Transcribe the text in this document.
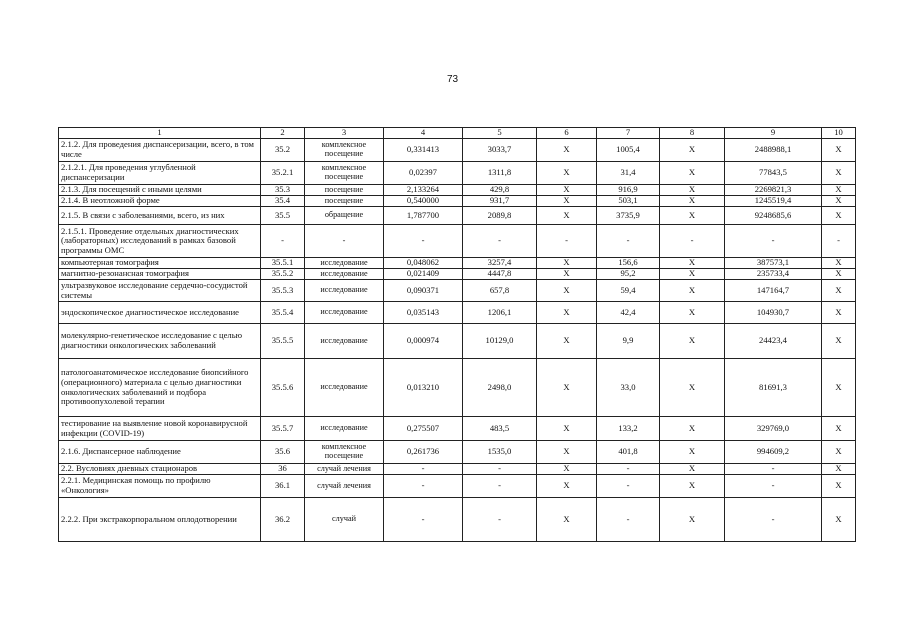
73
1	2	3	4	5	6	7	8	9	10
2.1.2. Для проведения диспансеризации, всего, в том числе	35.2	комплексное посещение	0,331413	3033,7	X	1005,4	X	2488988,1	X
2.1.2.1. Для проведения углубленной диспансеризации	35.2.1	комплексное посещение	0,02397	1311,8	X	31,4	X	77843,5	X
2.1.3. Для посещений с иными целями	35.3	посещение	2,133264	429,8	X	916,9	X	2269821,3	X
2.1.4. В неотложной форме	35.4	посещение	0,540000	931,7	X	503,1	X	1245519,4	X
2.1.5. В связи с заболеваниями, всего, из них	35.5	обращение	1,787700	2089,8	X	3735,9	X	9248685,6	X
2.1.5.1. Проведение отдельных диагностических (лабораторных) исследований в рамках базовой программы ОМС	-	-	-	-	-	-	-	-	-
компьютерная томография	35.5.1	исследование	0,048062	3257,4	X	156,6	X	387573,1	X
магнитно-резонансная томография	35.5.2	исследование	0,021409	4447,8	X	95,2	X	235733,4	X
ультразвуковое исследование сердечно-сосудистой системы	35.5.3	исследование	0,090371	657,8	X	59,4	X	147164,7	X
эндоскопическое диагностическое исследование	35.5.4	исследование	0,035143	1206,1	X	42,4	X	104930,7	X
молекулярно-генетическое исследование с целью диагностики онкологических заболеваний	35.5.5	исследование	0,000974	10129,0	X	9,9	X	24423,4	X
патологоанатомическое исследование биопсийного (операционного) материала с целью диагностики онкологических заболеваний и подбора противоопухолевой терапии	35.5.6	исследование	0,013210	2498,0	X	33,0	X	81691,3	X
тестирование на выявление новой коронавирусной инфекции (COVID-19)	35.5.7	исследование	0,275507	483,5	X	133,2	X	329769,0	X
2.1.6. Диспансерное наблюдение	35.6	комплексное посещение	0,261736	1535,0	X	401,8	X	994609,2	X
2.2. Вусловиях дневных стационаров	36	случай лечения	-	-	X	-	X	-	X
2.2.1. Медицинская помощь по профилю «Онкология»	36.1	случай лечения	-	-	X	-	X	-	X
2.2.2. При экстракорпоральном оплодотворении	36.2	случай	-	-	X	-	X	-	X
